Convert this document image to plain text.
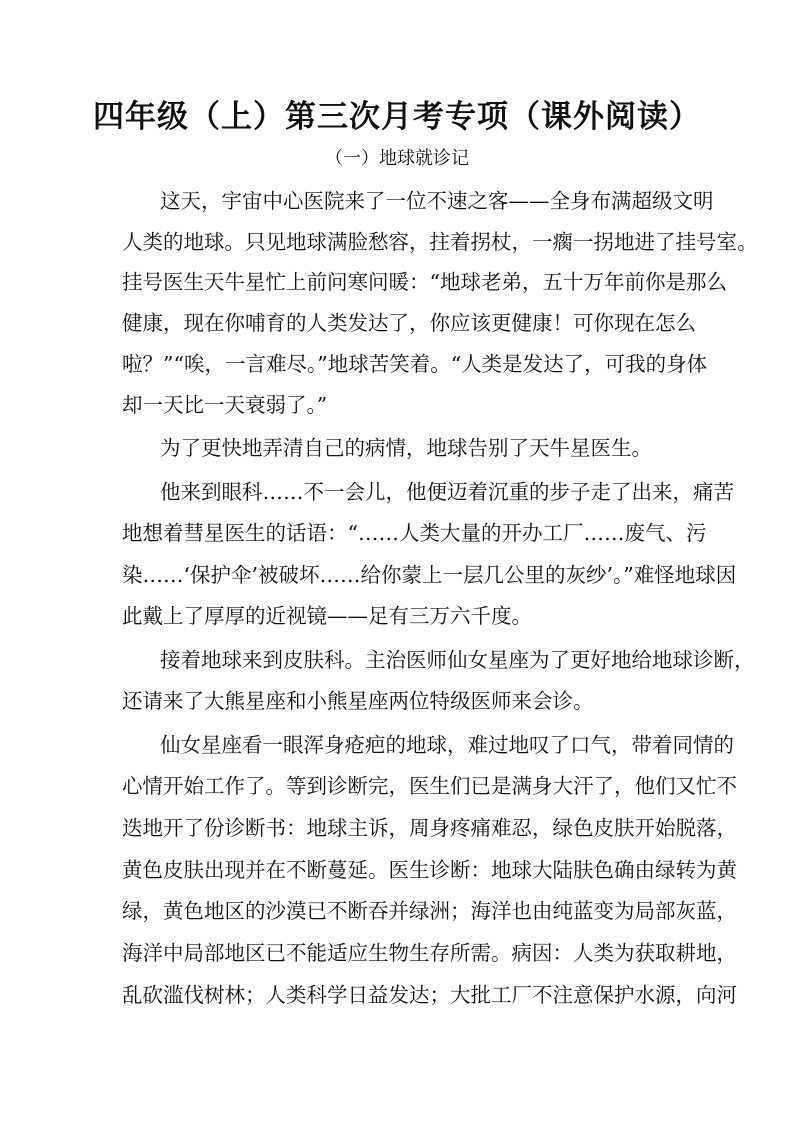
四年级（上）第三次月考专项（课外阅读）
（一）地球就诊记
这天，宇宙中心医院来了一位不速之客——全身布满超级文明
人类的地球。只见地球满脸愁容，拄着拐杖，一瘸一拐地进了挂号室。
挂号医生天牛星忙上前问寒问暖：“地球老弟，五十万年前你是那么
健康，现在你哺育的人类发达了，你应该更健康！可你现在怎么
啦？”“唉，一言难尽。”地球苦笑着。“人类是发达了，可我的身体
却一天比一天衰弱了。”
为了更快地弄清自己的病情，地球告别了天牛星医生。
他来到眼科……不一会儿，他便迈着沉重的步子走了出来，痛苦
地想着彗星医生的话语：“……人类大量的开办工厂……废气、污
染……‘保护伞’被破坏……给你蒙上一层几公里的灰纱’。”难怪地球因
此戴上了厚厚的近视镜——足有三万六千度。
接着地球来到皮肤科。主治医师仙女星座为了更好地给地球诊断，
还请来了大熊星座和小熊星座两位特级医师来会诊。
仙女星座看一眼浑身疮疤的地球，难过地叹了口气，带着同情的
心情开始工作了。等到诊断完，医生们已是满身大汗了，他们又忙不
迭地开了份诊断书：地球主诉，周身疼痛难忍，绿色皮肤开始脱落，
黄色皮肤出现并在不断蔓延。医生诊断：地球大陆肤色确由绿转为黄
绿，黄色地区的沙漠已不断吞并绿洲；海洋也由纯蓝变为局部灰蓝，
海洋中局部地区已不能适应生物生存所需。病因：人类为获取耕地，
乱砍滥伐树林；人类科学日益发达；大批工厂不注意保护水源，向河
